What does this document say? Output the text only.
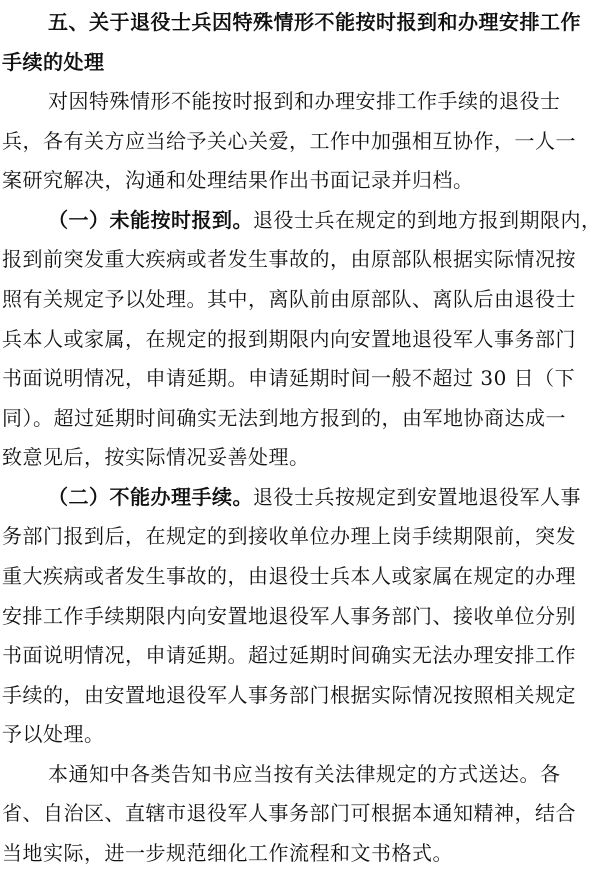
五、关于退役士兵因特殊情形不能按时报到和办理安排工作
手续的处理
对因特殊情形不能按时报到和办理安排工作手续的退役士
兵，各有关方应当给予关心关爱，工作中加强相互协作，一人一
案研究解决，沟通和处理结果作出书面记录并归档。
（一）未能按时报到。退役士兵在规定的到地方报到期限内，
报到前突发重大疾病或者发生事故的，由原部队根据实际情况按
照有关规定予以处理。其中，离队前由原部队、离队后由退役士
兵本人或家属，在规定的报到期限内向安置地退役军人事务部门
书面说明情况，申请延期。申请延期时间一般不超过 30 日（下
同）。超过延期时间确实无法到地方报到的，由军地协商达成一
致意见后，按实际情况妥善处理。
（二）不能办理手续。退役士兵按规定到安置地退役军人事
务部门报到后，在规定的到接收单位办理上岗手续期限前，突发
重大疾病或者发生事故的，由退役士兵本人或家属在规定的办理
安排工作手续期限内向安置地退役军人事务部门、接收单位分别
书面说明情况，申请延期。超过延期时间确实无法办理安排工作
手续的，由安置地退役军人事务部门根据实际情况按照相关规定
予以处理。
本通知中各类告知书应当按有关法律规定的方式送达。各
省、自治区、直辖市退役军人事务部门可根据本通知精神，结合
当地实际，进一步规范细化工作流程和文书格式。
